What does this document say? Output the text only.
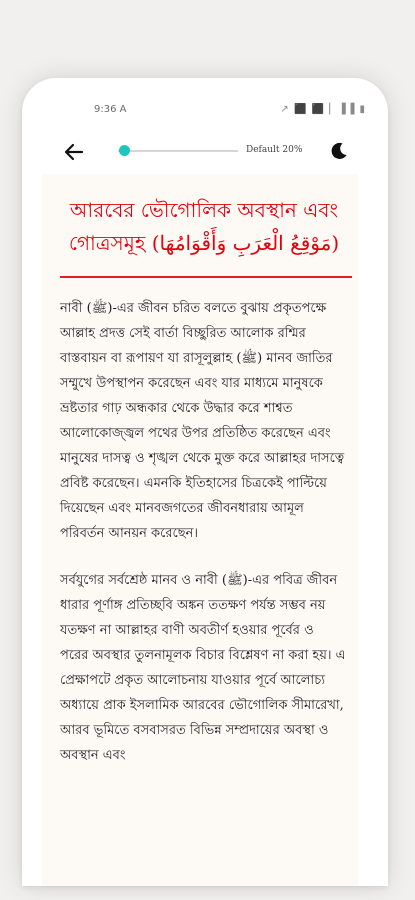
9:36 A	↗ ⬛ ⬛ ▏▐▐ ▮
Default 20%
আরবের ভৌগোলিক অবস্থান এবং গোত্রসমূহ (مَوْقِعُ الْعَرَبِ وَأَقْوَامُهَا)

নাবী (ﷺ)-এর জীবন চরিত বলতে বুঝায় প্রকৃতপক্ষে আল্লাহ প্রদত্ত সেই বার্তা বিচ্ছুরিত আলোক রশ্মির বাস্তবায়ন বা রূপায়ণ যা রাসূলুল্লাহ (ﷺ) মানব জাতির সম্মুখে উপস্থাপন করেছেন এবং যার মাধ্যমে মানুষকে ভ্রষ্টতার গাঢ় অন্ধকার থেকে উদ্ধার করে শাশ্বত আলোকোজ্জ্বল পথের উপর প্রতিষ্ঠিত করেছেন এবং মানুষের দাসত্ব ও শৃঙ্খল থেকে মুক্ত করে আল্লাহর দাসত্বে প্রবিষ্ট করেছেন। এমনকি ইতিহাসের চিত্রকেই পাল্টিয়ে দিয়েছেন এবং মানবজগতের জীবনধারায় আমূল পরিবর্তন আনয়ন করেছেন।

সর্বযুগের সর্বশ্রেষ্ঠ মানব ও নাবী (ﷺ)-এর পবিত্র জীবন ধারার পূর্ণাঙ্গ প্রতিচ্ছবি অঙ্কন ততক্ষণ পর্যন্ত সম্ভব নয় যতক্ষণ না আল্লাহর বাণী অবতীর্ণ হওয়ার পূর্বের ও পরের অবস্থার তুলনামূলক বিচার বিশ্লেষণ না করা হয়। এ প্রেক্ষাপটে প্রকৃত আলোচনায় যাওয়ার পূর্বে আলোচ্য অধ্যায়ে প্রাক ইসলামিক আরবের ভৌগোলিক সীমারেখা, আরব ভূমিতে বসবাসরত বিভিন্ন সম্প্রদায়ের অবস্থা ও অবস্থান এবং
